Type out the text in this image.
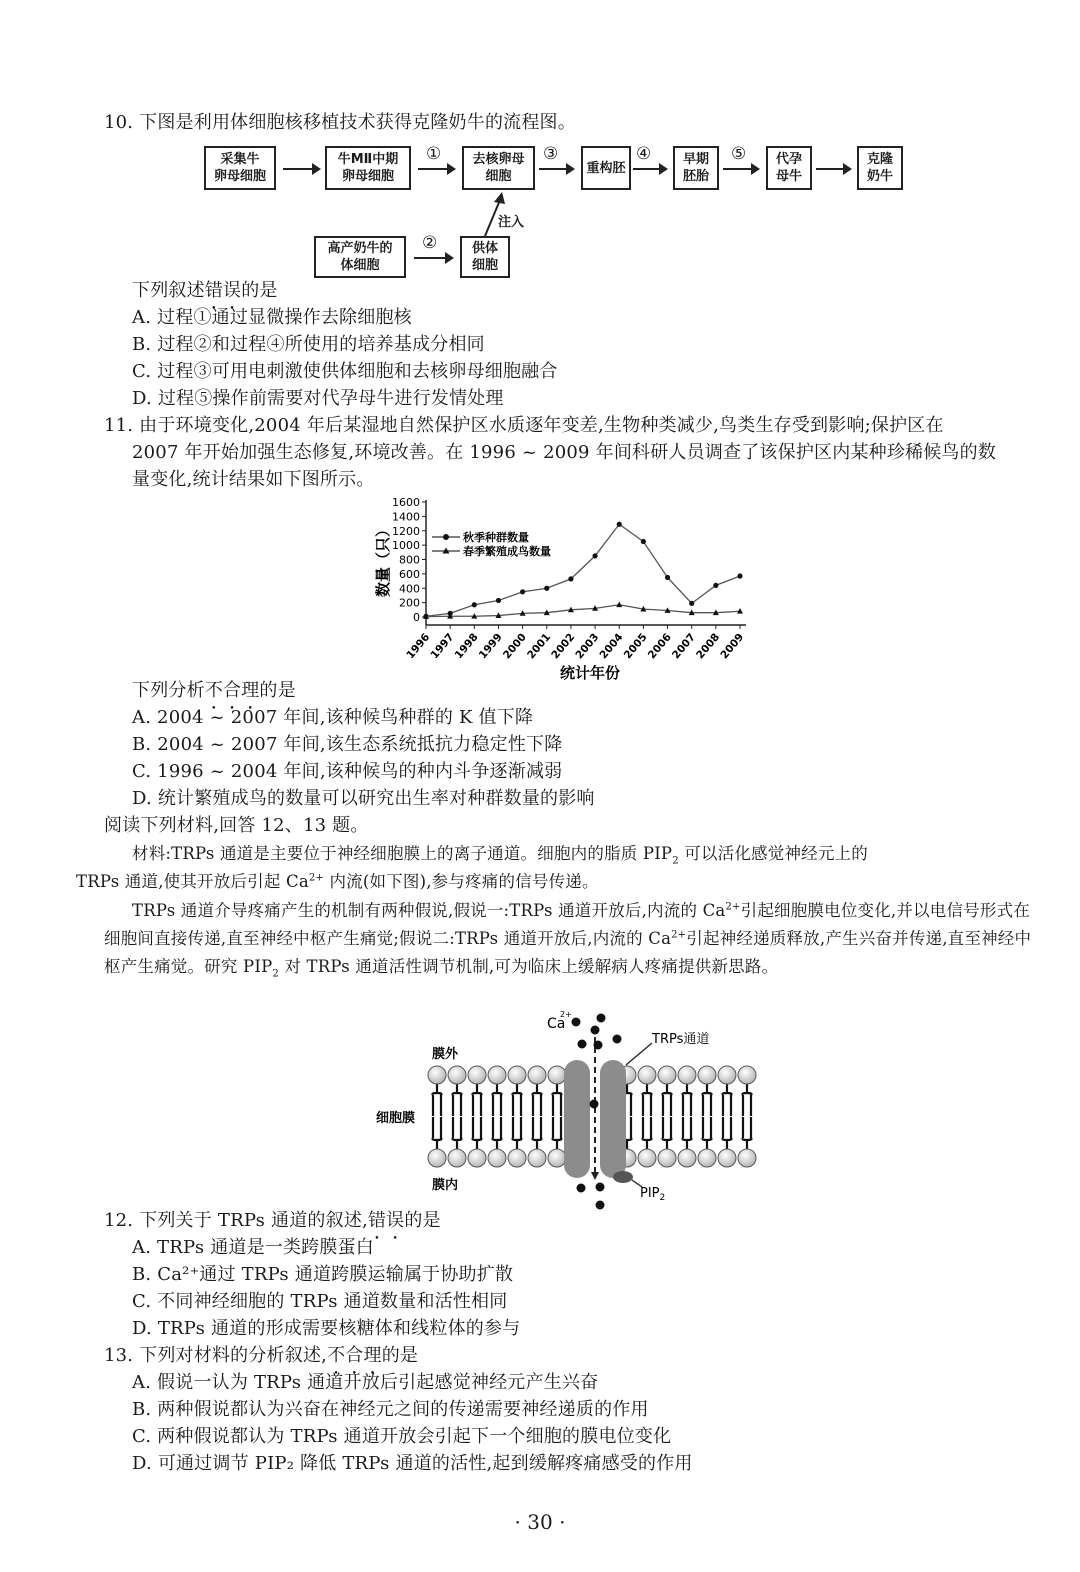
10. 下图是利用体细胞核移植技术获得克隆奶牛的流程图。
采集牛
卵母细胞
牛MⅡ中期
卵母细胞
① 去核卵母
细胞
③
重构胚
④ 早期
胚胎
⑤ 代孕
母牛
克隆
奶牛
高产奶牛的
体细胞
②	供体
细胞
注入
下列叙述错误的是
A. 过程①通过显微操作去除细胞核
B. 过程②和过程④所使用的培养基成分相同
C. 过程③可用电刺激使供体细胞和去核卵母细胞融合
D. 过程⑤操作前需要对代孕母牛进行发情处理
11. 由于环境变化,2004 年后某湿地自然保护区水质逐年变差,生物种类减少,鸟类生存受到影响;保护区在
2007 年开始加强生态修复,环境改善。在 1996 ~ 2009 年间科研人员调查了该保护区内某种珍稀候鸟的数
量变化,统计结果如下图所示。
0
200
400
600
800
1000
1200
1400
1600
1996
1997
1998
1999
2000
2001
2002
2003
2004
2005
2006
2007
2008
2009
秋季种群数量
春季繁殖成鸟数量
数量（只）
统计年份
下列分析不合理的是
A. 2004 ~ 2007 年间,该种候鸟种群的 K 值下降
B. 2004 ~ 2007 年间,该生态系统抵抗力稳定性下降
C. 1996 ~ 2004 年间,该种候鸟的种内斗争逐渐减弱
D. 统计繁殖成鸟的数量可以研究出生率对种群数量的影响
阅读下列材料,回答 12、13 题。
材料:TRPs 通道是主要位于神经细胞膜上的离子通道。细胞内的脂质 $PIP_2$ 可以活化感觉神经元上的
TRPs 通道,使其开放后引起 $Ca^{2+}$ 内流(如下图),参与疼痛的信号传递。
TRPs 通道介导疼痛产生的机制有两种假说,假说一:TRPs 通道开放后,内流的 $Ca^{2+}$引起细胞膜电位变化,并以电信号形式在细胞间直接传递,直至神经中枢产生痛觉;假说二:TRPs 通道开放后,内流的 $Ca^{2+}$引起神经递质释放,产生兴奋并传递,直至神经中枢产生痛觉。研究 $PIP_2$ 对 TRPs 通道活性调节机制,可为临床上缓解病人疼痛提供新思路。
Ca
2+
TRPs通道
膜外
细胞膜
膜内
$PIP_2$
12. 下列关于 TRPs 通道的叙述,错误的是
A. TRPs 通道是一类跨膜蛋白
B. Ca²⁺通过 TRPs 通道跨膜运输属于协助扩散
C. 不同神经细胞的 TRPs 通道数量和活性相同
D. TRPs 通道的形成需要核糖体和线粒体的参与
13. 下列对材料的分析叙述,不合理的是
A. 假说一认为 TRPs 通道开放后引起感觉神经元产生兴奋
B. 两种假说都认为兴奋在神经元之间的传递需要神经递质的作用
C. 两种假说都认为 TRPs 通道开放会引起下一个细胞的膜电位变化
D. 可通过调节 PIP₂ 降低 TRPs 通道的活性,起到缓解疼痛感受的作用
· 30 ·
